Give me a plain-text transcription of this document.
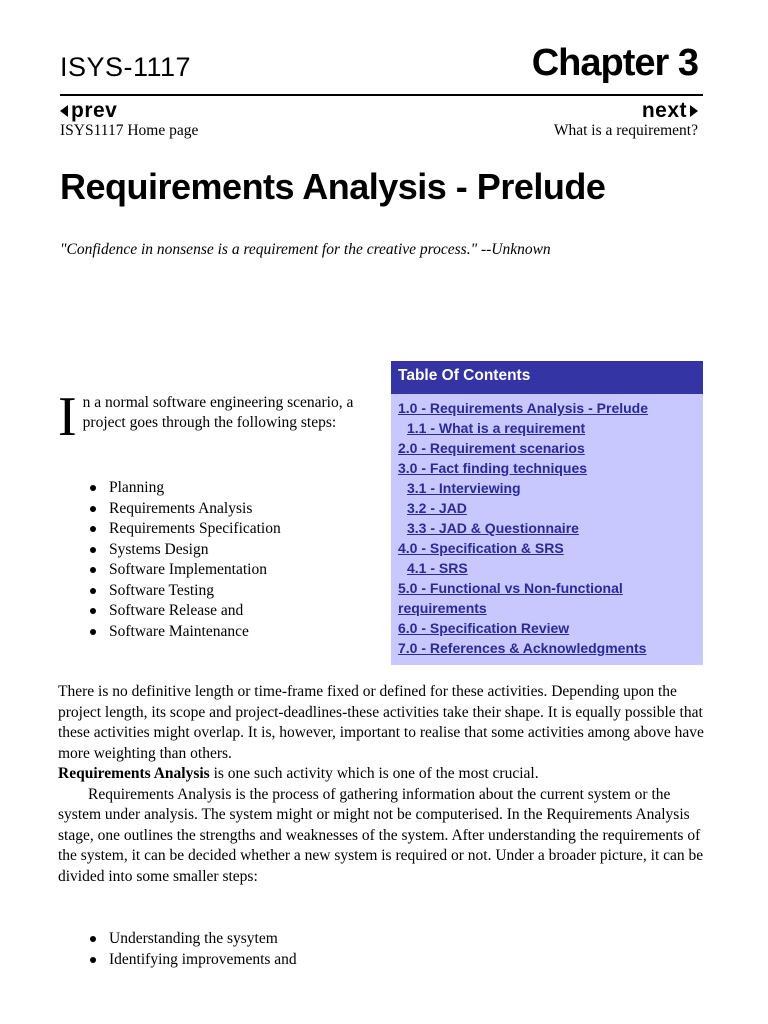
ISYS-1117	Chapter 3
prev	next
ISYS1117 Home page	What is a requirement?
Requirements Analysis - Prelude
"Confidence in nonsense is a requirement for the creative process." --Unknown
In a normal software engineering scenario, a project goes through the following steps:
Planning
Requirements Analysis
Requirements Specification
Systems Design
Software Implementation
Software Testing
Software Release and
Software Maintenance
Table Of Contents
1.0 - Requirements Analysis - Prelude
1.1 - What is a requirement
2.0 - Requirement scenarios
3.0 - Fact finding techniques
3.1 - Interviewing
3.2 - JAD
3.3 - JAD & Questionnaire
4.0 - Specification & SRS
4.1 - SRS
5.0 - Functional vs Non-functional requirements
6.0 - Specification Review
7.0 - References & Acknowledgments

There is no definitive length or time-frame fixed or defined for these activities. Depending upon the project length, its scope and project-deadlines-these activities take their shape. It is equally possible that these activities might overlap. It is, however, important to realise that some activities among above have more weighting than others.
Requirements Analysis is one such activity which is one of the most crucial.

Requirements Analysis is the process of gathering information about the current system or the system under analysis. The system might or might not be computerised. In the Requirements Analysis stage, one outlines the strengths and weaknesses of the system. After understanding the requirements of the system, it can be decided whether a new system is required or not. Under a broader picture, it can be divided into some smaller steps:

Understanding the sysytem
Identifying improvements and
